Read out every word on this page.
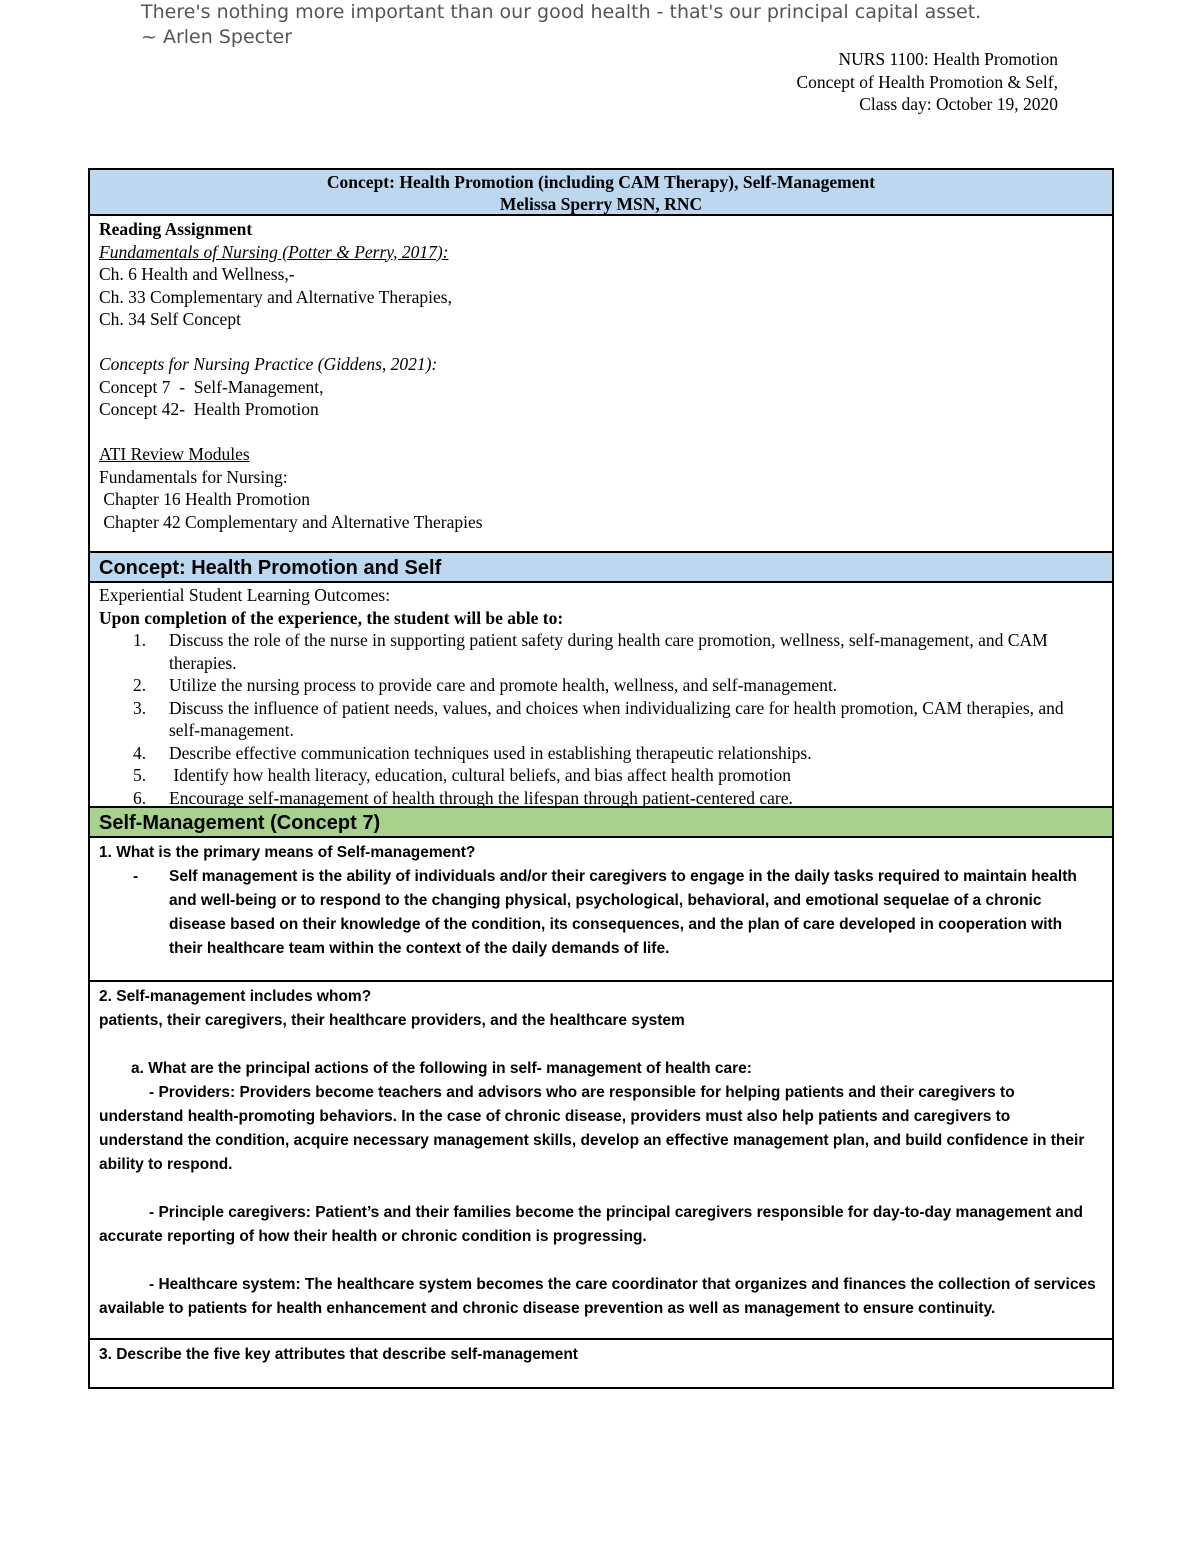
There's nothing more important than our good health - that's our principal capital asset.
~ Arlen Specter
NURS 1100: Health Promotion
Concept of Health Promotion & Self,
Class day: October 19, 2020
Concept: Health Promotion (including CAM Therapy), Self-Management
Melissa Sperry MSN, RNC
Reading Assignment
Fundamentals of Nursing (Potter & Perry, 2017):
Ch. 6 Health and Wellness,-
Ch. 33 Complementary and Alternative Therapies,
Ch. 34 Self Concept
Concepts for Nursing Practice (Giddens, 2021):
Concept 7  -  Self-Management,
Concept 42-  Health Promotion
ATI Review Modules
Fundamentals for Nursing:
Chapter 16 Health Promotion
Chapter 42 Complementary and Alternative Therapies
Concept: Health Promotion and Self
Experiential Student Learning Outcomes:
Upon completion of the experience, the student will be able to:
1. Discuss the role of the nurse in supporting patient safety during health care promotion, wellness, self-management, and CAM therapies.
2. Utilize the nursing process to provide care and promote health, wellness, and self-management.
3. Discuss the influence of patient needs, values, and choices when individualizing care for health promotion, CAM therapies, and self-management.
4. Describe effective communication techniques used in establishing therapeutic relationships.
5. Identify how health literacy, education, cultural beliefs, and bias affect health promotion
6. Encourage self-management of health through the lifespan through patient-centered care.
Self-Management (Concept 7)
1. What is the primary means of Self-management?
- Self management is the ability of individuals and/or their caregivers to engage in the daily tasks required to maintain health and well-being or to respond to the changing physical, psychological, behavioral, and emotional sequelae of a chronic disease based on their knowledge of the condition, its consequences, and the plan of care developed in cooperation with their healthcare team within the context of the daily demands of life.
2. Self-management includes whom?
patients, their caregivers, their healthcare providers, and the healthcare system
a. What are the principal actions of the following in self- management of health care:
- Providers: Providers become teachers and advisors who are responsible for helping patients and their caregivers to understand health-promoting behaviors. In the case of chronic disease, providers must also help patients and caregivers to understand the condition, acquire necessary management skills, develop an effective management plan, and build confidence in their ability to respond.
- Principle caregivers: Patient’s and their families become the principal caregivers responsible for day-to-day management and accurate reporting of how their health or chronic condition is progressing.
- Healthcare system: The healthcare system becomes the care coordinator that organizes and finances the collection of services available to patients for health enhancement and chronic disease prevention as well as management to ensure continuity.
3. Describe the five key attributes that describe self-management
